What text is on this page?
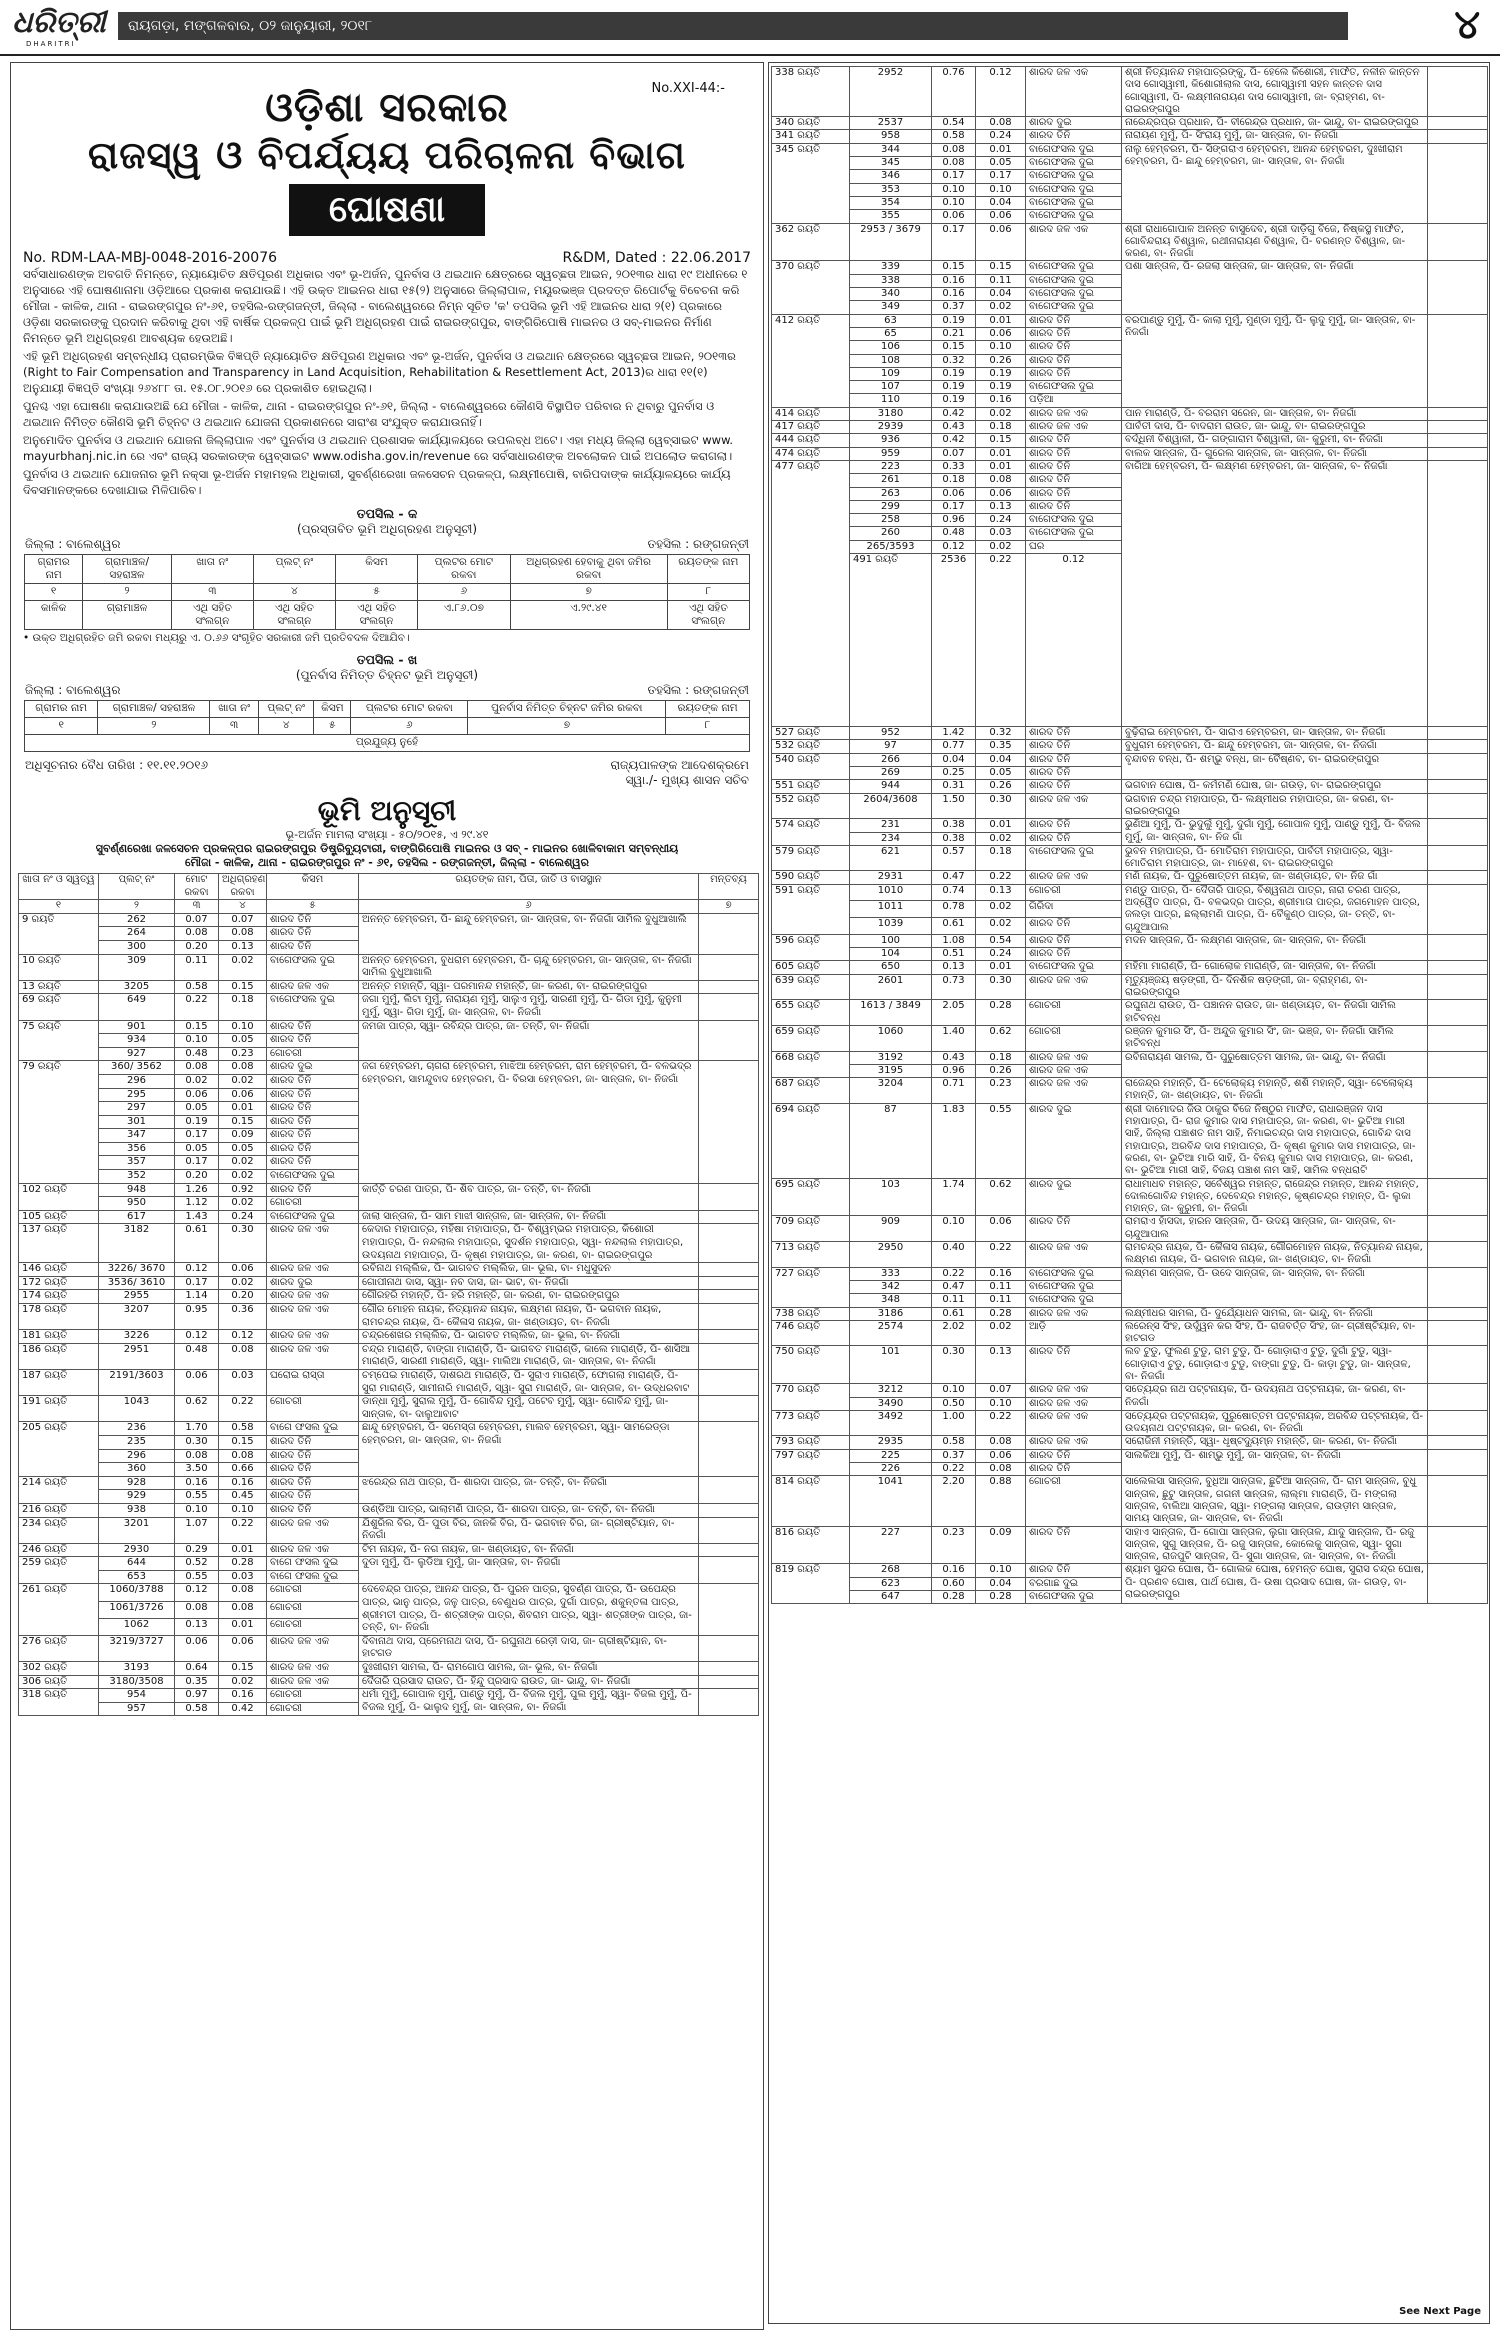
ଧରିତ୍ରୀ
DHARITRI
ରାୟଗଡ଼ା, ମଙ୍ଗଳବାର, ୦୨ ଜାନୁୟାରୀ, ୨୦୧୮	୪
No.XXI-44:-
ଓଡ଼ିଶା ସରକାର
ରାଜସ୍ୱ ଓ ବିପର୍ଯ୍ୟୟ ପରିଚାଳନା ବିଭାଗ
ଘୋଷଣା
No. RDM-LAA-MBJ-0048-2016-20076	R&DM, Dated : 22.06.2017

ସର୍ବସାଧାରଣଙ୍କ ଅବଗତି ନିମନ୍ତେ, ନ୍ୟାୟୋଚିତ କ୍ଷତିପୂରଣ ଅଧିକାର ଏବଂ ଭୂ-ଅର୍ଜନ, ପୁନର୍ବାସ ଓ ଥଇଥାନ କ୍ଷେତ୍ରରେ ସ୍ୱଚ୍ଛତା ଆଇନ, ୨୦୧୩ର ଧାରା ୧୯ ଅଧୀନରେ ୧ ଅନୁସାରେ ଏହି ଘୋଷଣାନାମା ଓଡ଼ିଆରେ ପ୍ରକାଶ କରାଯାଉଛି। ଏହି ଉକ୍ତ ଆଇନର ଧାରା ୧୫(୨) ଅନୁସାରେ ଜିଲ୍ଲାପାଳ, ମୟୂରଭଞ୍ଜ ପ୍ରଦତ୍ତ ରିପୋର୍ଟକୁ ବିବେଚନା କରି ମୌଜା - କାଳିକ, ଥାନା - ରାଇରଙ୍ଗପୁର ନଂ-୬୧, ତହସିଲ-ରଙ୍ଗଜନ୍ତୀ, ଜିଲ୍ଲା - ବାଲେଶ୍ୱରରେ ନିମ୍ନ ସୂଚିତ 'କ' ତପସିଲ ଭୂମି ଏହି ଆଇନର ଧାରା ୨(୧) ପ୍ରକାରେ ଓଡ଼ିଶା ସରକାରଙ୍କୁ ପ୍ରଦାନ କରିବାକୁ ଥିବା ଏହି ବାର୍ଷିକ ପ୍ରକଳ୍ପ ପାଇଁ ଭୂମି ଅଧିଗ୍ରହଣ ପାଇଁ ରାଇରଙ୍ଗପୁର, ବାଙ୍ଗିରିପୋଷି ମାଇନର ଓ ସବ୍-ମାଇନର ନିର୍ମାଣ ନିମନ୍ତେ ଭୂମି ଅଧିଗ୍ରହଣ ଆବଶ୍ୟକ ହେଉଅଛି।

ଏହି ଭୂମି ଅଧିଗ୍ରହଣ ସମ୍ବନ୍ଧୀୟ ପ୍ରାରମ୍ଭିକ ବିଜ୍ଞପ୍ତି ନ୍ୟାୟୋଚିତ କ୍ଷତିପୂରଣ ଅଧିକାର ଏବଂ ଭୂ-ଅର୍ଜନ, ପୁନର୍ବାସ ଓ ଥଇଥାନ କ୍ଷେତ୍ରରେ ସ୍ୱଚ୍ଛତା ଆଇନ, ୨୦୧୩ର (Right to Fair Compensation and Transparency in Land Acquisition, Rehabilitation & Resettlement Act, 2013)ର ଧାରା ୧୧(୧) ଅନୁଯାୟୀ ବିଜ୍ଞପ୍ତି ସଂଖ୍ୟା ୨୬୪୮୮ ତା. ୧୫.୦୮.୨୦୧୬ ରେ ପ୍ରକାଶିତ ହୋଇଥିଲା।

ପୁନଶ୍ଚ ଏହା ଘୋଷଣା କରାଯାଉଅଛି ଯେ ମୌଜା - କାଳିକ, ଥାନା - ରାଇରଙ୍ଗପୁର ନଂ-୬୧, ଜିଲ୍ଲା - ବାଲେଶ୍ୱରରେ କୌଣସି ବିସ୍ଥାପିତ ପରିବାର ନ ଥିବାରୁ ପୁନର୍ବାସ ଓ ଥଇଥାନ ନିମିତ୍ତ କୌଣସି ଭୂମି ଚିହ୍ନଟ ଓ ଥଇଥାନ ଯୋଜନା ପ୍ରକାଶନରେ ସାରାଂଶ ସଂଯୁକ୍ତ କରାଯାଉନାହିଁ।

ଅନୁମୋଦିତ ପୁନର୍ବାସ ଓ ଥଇଥାନ ଯୋଜନା ଜିଲ୍ଲାପାଳ ଏବଂ ପୁନର୍ବାସ ଓ ଥଇଥାନ ପ୍ରଶାସକ କାର୍ଯ୍ୟାଳୟରେ ଉପଲବ୍ଧ ଅଟେ। ଏହା ମଧ୍ୟ ଜିଲ୍ଲା ୱେବ୍‌ସାଇଟ www. mayurbhanj.nic.in ରେ ଏବଂ ରାଜ୍ୟ ସରକାରଙ୍କ ୱେବ୍‌ସାଇଟ www.odisha.gov.in/revenue ରେ ସର୍ବସାଧାରଣଙ୍କ ଅବଲୋକନ ପାଇଁ ଅପଲୋଡ କରାଗଲା।

ପୁନର୍ବାସ ଓ ଥଇଥାନ ଯୋଜନାର ଭୂମି ନକ୍ସା ଭୂ-ଅର୍ଜନ ମହାମହଲ ଅଧିକାରୀ, ସୁବର୍ଣ୍ଣରେଖା ଜଳସେଚନ ପ୍ରକଳ୍ପ, ଲକ୍ଷ୍ମୀପୋଷି, ବାରିପଦାଙ୍କ କାର୍ଯ୍ୟାଳୟରେ କାର୍ଯ୍ୟ ଦିବସମାନଙ୍କରେ ଦେଖାଯାଇ ମିଳିପାରିବ।

ତପସିଲ - କ
(ପ୍ରସ୍ତାବିତ ଭୂମି ଅଧିଗ୍ରହଣ ଅନୁସୂଚୀ)
ଜିଲ୍ଲା : ବାଲେଶ୍ୱର	ତହସିଲ : ରଙ୍ଗଜନ୍ତୀ
ଗ୍ରାମର ନାମ	ଗ୍ରାମାଞ୍ଚଳ/ ସହରାଞ୍ଚଳ	ଖାତା ନଂ	ପ୍ଲଟ୍ ନଂ	କିସମ	ପ୍ଲଟର ମୋଟ ରକବା	ଅଧିଗ୍ରହଣ ହେବାକୁ ଥିବା ଜମିର ରକବା	ରୟତଙ୍କ ନାମ
୧	୨	୩	୪	୫	୬	୭	୮
କାଳିକ	ଗ୍ରାମାଞ୍ଚଳ	ଏଥି ସହିତ ସଂଲଗ୍ନ	ଏଥି ସହିତ ସଂଲଗ୍ନ	ଏଥି ସହିତ ସଂଲଗ୍ନ	ଏ.୮୬.୦୭	ଏ.୨୯.୪୧	ଏଥି ସହିତ ସଂଲଗ୍ନ
• ଉକ୍ତ ଅଧିଗ୍ରହିତ ଜମି ରକବା ମଧ୍ୟରୁ ଏ. ୦.୬୬ ସଂଗୃହିତ ସରକାରୀ ଜମି ପ୍ରତିବଦଳ ଦିଆଯିବ।
ତପସିଲ - ଖ
(ପୁନର୍ବାସ ନିମିତ୍ତ ଚିହ୍ନଟ ଭୂମି ଅନୁସୂଚୀ)
ଜିଲ୍ଲା : ବାଲେଶ୍ୱର	ତହସିଲ : ରଙ୍ଗଜନ୍ତୀ
ଗ୍ରାମର ନାମ	ଗ୍ରାମାଞ୍ଚଳ/ ସହରାଞ୍ଚଳ	ଖାତା ନଂ	ପ୍ଲଟ୍ ନଂ	କିସମ	ପ୍ଲଟର ମୋଟ ରକବା	ପୁନର୍ବାସ ନିମିତ୍ତ ଚିହ୍ନଟ ଜମିର ରକବା	ରୟତଙ୍କ ନାମ
୧	୨	୩	୪	୫	୬	୭	୮
ପ୍ରଯୁଜ୍ୟ ନୁହେଁ							
ଅଧିସୂଚନାର ବୈଧ ତାରିଖ : ୧୧.୧୧.୨୦୧୬	ରାଜ୍ୟପାଳଙ୍କ ଆଦେଶକ୍ରମେ
ସ୍ୱା./- ମୁଖ୍ୟ ଶାସନ ସଚିବ
ଭୂମି ଅନୁସୂଚୀ
ଭୂ-ଅର୍ଜନ ମାମଲା ସଂଖ୍ୟା - ୫୦/୨୦୧୫, ଏ ୨୯.୪୧
ସୁବର୍ଣ୍ଣରେଖା ଜଳସେଚନ ପ୍ରକଳ୍ପର ରାଇରଙ୍ଗପୁର ଡିଷ୍ଟ୍ରିବ୍ୟୁଟାରୀ, ବାଙ୍ଗିରିପୋଷି ମାଇନର ଓ ସବ୍ - ମାଇନର ଖୋଳିବାକାମ ସମ୍ବନ୍ଧୀୟ
ମୌଜା - କାଳିକ, ଥାନା - ରାଇରଙ୍ଗପୁର ନଂ - ୬୧, ତହସିଲ - ରଙ୍ଗଜନ୍ତୀ, ଜିଲ୍ଲା - ବାଲେଶ୍ୱର
ଖାତା ନଂ ଓ ସ୍ୱତ୍ୱ	ପ୍ଲଟ୍ ନଂ	ମୋଟ ରକବା	ଅଧିଗ୍ରହଣ ରକବା	କିସମ	ରୟତଙ୍କ ନାମ, ପିତା, ଜାତି ଓ ବାସସ୍ଥାନ	ମନ୍ତବ୍ୟ
୧	୨	୩	୪	୫	୬	୭
9 ରୟତି	262	0.07	0.07	ଶାରଦ ତିନି	ଅନନ୍ତ ହେମ୍ବରମ, ପି- ଛାନ୍ଦୁ ହେମ୍ବରମ, ଜା- ସାନ୍ତାଳ, ବା- ନିଜଗାଁ ସାମିଲ ବୁଧୁଆଖାଲି	
	264	0.08	0.08	ଶାରଦ ତିନି		
	300	0.20	0.13	ଶାରଦ ତିନି		
10 ରୟତି	309	0.11	0.02	ବାଗେଫସଲ ଦୁଇ	ଅନନ୍ତ ହେମ୍ବରମ, ବୁଧରାମ ହେମ୍ବରମ, ପି- ଚାନ୍ଦୁ ହେମ୍ବରମ, ଜା- ସାନ୍ତାଳ, ବା- ନିଜଗାଁ ସାମିଲ ବୁଧୁଆଖାଲି	
13 ରୟତି	3205	0.58	0.15	ଶାରଦ ଜଳ ଏକ	ଅନନ୍ତ ମହାନ୍ତି, ସ୍ୱା- ପରମାନନ୍ଦ ମହାନ୍ତି, ଜା- କରଣ, ବା- ରାଇରଙ୍ଗପୁର	
69 ରୟତି	649	0.22	0.18	ବାଗେଫସଲ ଦୁଇ	ଜଗା ମୁର୍ମୁ, ଲିଟା ମୁର୍ମୁ, ନାରାୟଣ ମୁର୍ମୁ, ସାଲୁଏ ମୁର୍ମୁ, ସାରଣୀ ମୁର୍ମୁ, ପି- ଗିଡା ମୁର୍ମୁ, କୁନୁମୀ ମୁର୍ମୁ, ସ୍ୱା- ଗିଡା ମୁର୍ମୁ, ଜା- ସାନ୍ତାଳ, ବା- ନିଜଗାଁ	
75 ରୟତି	901	0.15	0.10	ଶାରଦ ତିନି	ଜମଜା ପାତ୍ର, ସ୍ୱା- ରବିନ୍ଦ୍ର ପାତ୍ର, ଜା- ତନ୍ତି, ବା- ନିଜଗାଁ	
	934	0.10	0.05	ଶାରଦ ତିନି		
	927	0.48	0.23	ଗୋଚରୀ		
79 ରୟତି	360/ 3562	0.08	0.08	ଶାରଦ ଦୁଇ	ଜଗ ହେମ୍ବରମ, ଚାଗରା ହେମ୍ବରମ, ମାଝିଆ ହେମ୍ବରମ, ରାମ ହେମ୍ବରମ, ପି- ବଳଭଦ୍ର ହେମ୍ବରମ, ସାମନ୍ଦୁବାଦ ହେମ୍ବରମ, ପି- ବିରସା ହେମ୍ବରମ, ଜା- ସାନ୍ତାଳ, ବା- ନିଜଗାଁ	
	296	0.02	0.02	ଶାରଦ ତିନି		
	295	0.06	0.06	ଶାରଦ ତିନି		
	297	0.05	0.01	ଶାରଦ ତିନି		
	301	0.19	0.15	ଶାରଦ ତିନି		
	347	0.17	0.09	ଶାରଦ ତିନି		
	356	0.05	0.05	ଶାରଦ ତିନି		
	357	0.17	0.02	ଶାରଦ ତିନି		
	352	0.20	0.02	ବାଗେଫସଲ ଦୁଇ		
102 ରୟତି	948	1.26	0.92	ଶାରଦ ତିନି	କାର୍ତ୍ତି ଚରଣ ପାତ୍ର, ପି- ଶିବ ପାତ୍ର, ଜା- ତନ୍ତି, ବା- ନିଜଗାଁ	
	950	1.12	0.02	ଗୋଚରୀ		
105 ରୟତି	617	1.43	0.24	ବାଗେଫସଲ ଦୁଇ	ଜାଲା ସାନ୍ତାଳ, ପି- ସାମ ମାଝୀ ସାନ୍ତାଳ, ଜା- ସାନ୍ତାଳ, ବା- ନିଜଗାଁ	
137 ରୟତି	3182	0.61	0.30	ଶାରଦ ଜଳ ଏକ	କେଦାର ମହାପାତ୍ର, ମହିଷା ମହାପାତ୍ର, ପି- ବିଶ୍ୱମ୍ଭର ମହାପାତ୍ର, କିଶୋରୀ ମହାପାତ୍ର, ପି- ନନ୍ଦଲାଲ ମହାପାତ୍ର, ସୁଦର୍ଶନ ମହାପାତ୍ର, ସ୍ୱା- ନନ୍ଦଲାଲ ମହାପାତ୍ର, ଉଦୟନାଥ ମହାପାତ୍ର, ପି- କୃଷ୍ଣ ମହାପାତ୍ର, ଜା- କରଣ, ବା- ରାଇରଙ୍ଗପୁର	
146 ରୟତି	3226/ 3670	0.12	0.06	ଶାରଦ ଜଳ ଏକ	ରବିନାଥ ମଲ୍ଲିକ, ପି- ଭାଗବତ ମଲ୍ଲିକ, ଜା- ଭୂଲ, ବା- ମଧୁସୁଦନ	
172 ରୟତି	3536/ 3610	0.17	0.02	ଶାରଦ ଦୁଇ	ଗୋପୀନାଥ ଦାସ, ସ୍ୱା- ନବ ଦାସ, ଜା- ଭାଟ, ବା- ନିଜଗାଁ	
174 ରୟତି	2955	1.14	0.20	ଶାରଦ ଜଳ ଏକ	ଗୌରହରି ମହାନ୍ତି, ପି- ହରି ମହାନ୍ତି, ଜା- କରଣ, ବା- ରାଇରଙ୍ଗପୁର	
178 ରୟତି	3207	0.95	0.36	ଶାରଦ ଜଳ ଏକ	ଗୌର ମୋହନ ନାୟକ, ନିତ୍ୟାନନ୍ଦ ନାୟକ, ଲକ୍ଷ୍ମଣ ନାୟକ, ପି- ଭଗବାନ ନାୟକ, ରାମଚନ୍ଦ୍ର ନାୟକ, ପି- କୈଳାସ ନାୟକ, ଜା- ଖଣ୍ଡାୟତ, ବା- ନିଜଗାଁ	
181 ରୟତି	3226	0.12	0.12	ଶାରଦ ଜଳ ଏକ	ଚନ୍ଦ୍ରଶେଖର ମଲ୍ଲିକ, ପି- ଭାଗବତ ମଲ୍ଲିକ, ଜା- ଭୂଲ, ବା- ନିଜଗାଁ	
186 ରୟତି	2951	0.48	0.08	ଶାରଦ ଜଳ ଏକ	ଚନ୍ଦ୍ର ମାରାଣ୍ଡି, ବାଙ୍ଗା ମାରାଣ୍ଡି, ପି- ଭାଗବତ ମାରାଣ୍ଡି, କାଲେ ମାରାଣ୍ଡି, ପି- ଶାସିଆ ମାରାଣ୍ଡି, ସାରଣୀ ମାରାଣ୍ଡି, ସ୍ୱା- ମାଲିଆ ମାରାଣ୍ଡି, ଜା- ସାନ୍ତାଳ, ବା- ନିଜଗାଁ	
187 ରୟତି	2191/3603	0.06	0.03	ଘରୋଇ ରାସ୍ତା	ଚମ୍ପେଇ ମାରାଣ୍ଡି, ଦାଶରଥ ମାରାଣ୍ଡି, ପି- ସୁରାଏ ମାରାଣ୍ଡି, ଫୋଗଲା ମାରାଣ୍ଡି, ପି- ସୁରା ମାରାଣ୍ଡି, ସାମୀନାରି ମାରାଣ୍ଡି, ସ୍ୱା- ସୁରା ମାରାଣ୍ଡି, ଜା- ସାନ୍ତାଳ, ବା- ଉଦ୍ଧରବାଟ	
191 ରୟତି	1043	0.62	0.22	ଗୋଚରୀ	ଡାନ୍ଧା ମୁର୍ମୁ, ସୁରାଲ ମୁର୍ମୁ, ପି- ଗୋବିନ୍ଦ ମୁର୍ମୁ, ପଟେବ ମୁର୍ମୁ, ସ୍ୱା- ଗୋବିନ୍ଦ ମୁର୍ମୁ, ଜା- ସାନ୍ତାଳ, ବା- ଦାଲୁଆବାଟ	
205 ରୟତି	236	1.70	0.58	ବାଗେ ଫସଲ ଦୁଇ	ଛାନ୍ଦୁ ହେମ୍ବରମ, ପି- ସମେସ୍ତା ହେମ୍ବରମ, ମାଲବ ହେମ୍ବରମ, ସ୍ୱା- ସାମରେଡ୍ଡା ହେମ୍ବରମ, ଜା- ସାନ୍ତାଳ, ବା- ନିଜଗାଁ	
	235	0.30	0.15	ଶାରଦ ତିନି		
	296	0.08	0.08	ଶାରଦ ତିନି		
	360	3.50	0.66	ଶାରଦ ତିନି		
214 ରୟତି	928	0.16	0.16	ଶାରଦ ତିନି	ଝରେନ୍ଦ୍ର ନାଥ ପାତ୍ର, ପି- ଶାରଦା ପାତ୍ର, ଜା- ତନ୍ତି, ବା- ନିଜଗାଁ	
	929	0.55	0.45	ଶାରଦ ତିନି		
216 ରୟତି	938	0.10	0.10	ଶାରଦ ତିନି	ଉଣ୍ଡିଆ ପାତ୍ର, ଭାଲାମଣି ପାତ୍ର, ପି- ଶାରଦା ପାତ୍ର, ଜା- ତନ୍ତି, ବା- ନିଜଗାଁ	
234 ରୟତି	3201	1.07	0.22	ଶାରଦ ଜଳ ଏକ	ଯିଶୁରିଲ ବିର, ପି- ପୁଡା ବିର, ଜାନକି ବିର, ପି- ଭଗବାନ ବିର, ଜା- ଗ୍ରୀଷ୍ଟିୟାନ, ବା- ନିଜଗାଁ	
246 ରୟତି	2930	0.29	0.01	ଶାରଦ ଜଳ ଏକ	ଟିମ ନାୟକ, ପି- ନଗ ନାୟକ, ଜା- ଖଣ୍ଡାୟତ, ବା- ନିଜଗାଁ	
259 ରୟତି	644	0.52	0.28	ବାଗେ ଫସଲ ଦୁଇ	ଦୁଡା ମୁର୍ମୁ, ପି- ଲୁଡିଆ ମୁର୍ମୁ, ଜା- ସାନ୍ତାଳ, ବା- ନିଜଗାଁ	
	653	0.55	0.03	ବାଗେ ଫସଲ ଦୁଇ		
261 ରୟତି	1060/3788	0.12	0.08	ଗୋଚରୀ	ଦେବେନ୍ଦ୍ର ପାତ୍ର, ଆନନ୍ଦ ପାତ୍ର, ପି- ପୁରନ ପାତ୍ର, ସୁବର୍ଣ୍ଣ ପାତ୍ର, ପି- ଉପେନ୍ଦ୍ର ପାତ୍ର, ଭାନୁ ପାତ୍ର, ଜଳୁ ପାତ୍ର, ବେଣୁଧର ପାତ୍ର, ଦୁର୍ଗା ପାତ୍ର, ଶକୁନ୍ତଳା ପାତ୍ର, ଶ୍ରୀମତୀ ପାତ୍ର, ପି- ଶତ୍ରୀଙ୍କ ପାତ୍ର, ଶିବରାମ ପାତ୍ର, ସ୍ୱା- ଶତ୍ରୀଙ୍କ ପାତ୍ର, ଜା- ତନ୍ତି, ବା- ନିଜଗାଁ	
	1061/3726	0.08	0.08	ଗୋଚରୀ		
	1062	0.13	0.01	ଗୋଚରୀ		
276 ରୟତି	3219/3727	0.06	0.06	ଶାରଦ ଜଳ ଏକ	ଦିବାନାଥ ଦାସ, ପ୍ରେମନାଥ ଦାସ, ପି- ରଘୁନାଥ ରେଡ଼ୀ ଦାସ, ଜା- ଗ୍ରୀଷ୍ଟିୟାନ, ବା- ହାଟଗଡ	
302 ରୟତି	3193	0.64	0.15	ଶାରଦ ଜଳ ଏକ	ଦୁଃଖୀରାମ ସାମଲ, ପି- ରାମଗୋପ ସାମଲ, ଜା- ଭୂଲ, ବା- ନିଜଗାଁ	
306 ରୟତି	3180/3508	0.35	0.02	ଶାରଦ ଜଳ ଏକ	ଦୈତାରି ପ୍ରସାଦ ରାଉତ, ପି- ହିନ୍ଦୁ ପ୍ରସାଦ ରାଉତ, ଜା- ଭାନ୍ଦୁ, ବା- ନିଜଗାଁ	
318 ରୟତି	954	0.97	0.16	ଗୋଚରୀ	ଧର୍ମା ମୁର୍ମୁ, ଗୋପାଳ ମୁର୍ମୁ, ପାଣ୍ଡୁ ମୁର୍ମୁ, ପି- ବିଜଲ ମୁର୍ମୁ, ପୁଲ ମୁର୍ମୁ, ସ୍ୱା- ବିଜଲ ମୁର୍ମୁ, ପି- ବିଜଲ ମୁର୍ମୁ, ପି- ଭାଲୁଦ ମୁର୍ମୁ, ଜା- ସାନ୍ତାଳ, ବା- ନିଜଗାଁ	
	957	0.58	0.42	ଗୋଚରୀ		
338 ରୟତି	2952	0.76	0.12	ଶାରଦ ଜଳ ଏକ	ଶ୍ରୀ ନିତ୍ୟାନନ୍ଦ ମହାପାତ୍ରଙ୍କୁ, ପି- ହେଲେ କିଶୋରୀ, ମାର୍ଫତ, ନଳୀନ କାନ୍ତନ ଦାସ ଗୋସ୍ୱାମୀ, କିଶୋରୀଲାଲ ଦାସ, ଗୋସ୍ୱାମୀ ସହନ କାନ୍ତନ ଦାସ ଗୋସ୍ୱାମୀ, ପି- ଲକ୍ଷ୍ମୀନାରାୟଣ ଦାସ ଗୋସ୍ୱାମୀ, ଜା- ବ୍ରାହ୍ମଣ, ବା- ରାଇରଙ୍ଗପୁର		
340 ରୟତି	2537	0.54	0.08	ଶାରଦ ଦୁଇ	ନାରେନ୍ଦ୍ରପ୍ର ପ୍ରଧାନ, ପି- ବୀରେନ୍ଦ୍ର ପ୍ରଧାନ, ଜା- ଭାନ୍ଦୁ, ବା- ରାଇରଙ୍ଗପୁର		
341 ରୟତି	958	0.58	0.24	ଶାରଦ ତିନି	ନାରାୟଣ ମୁର୍ମୁ, ପି- ସିଂରାୟ ମୁର୍ମୁ, ଜା- ସାନ୍ତାଳ, ବା- ନିଜଗାଁ		
345 ରୟତି	344	0.08	0.01	ବାଗେଫସଲ ଦୁଇ	ନାଲୁ ହେମ୍ବରମ, ପି- ସିଙ୍ଗରାଏ ହେମ୍ବରମ, ଆନନ୍ଦ ହେମ୍ବରମ, ଦୁଃଖୀରାମ ହେମ୍ବରମ, ପି- ଛାନ୍ଦୁ ହେମ୍ବରମ, ଜା- ସାନ୍ତାଳ, ବା- ନିଜଗାଁ		
	345	0.08	0.05	ବାଗେଫସଲ ଦୁଇ			
	346	0.17	0.17	ବାଗେଫସଲ ଦୁଇ			
	353	0.10	0.10	ବାଗେଫସଲ ଦୁଇ			
	354	0.10	0.04	ବାଗେଫସଲ ଦୁଇ			
	355	0.06	0.06	ବାଗେଫସଲ ଦୁଇ			
362 ରୟତି	2953 / 3679	0.17	0.06	ଶାରଦ ଜଳ ଏକ	ଶ୍ରୀ ରାଧାଗୋପାଳ ଅନନ୍ତ ବାସୁଦେବ, ଶ୍ରୀ ଦାଡ଼ିଗୁ ବିଜେ, ନିଷ୍କସ୍ଥ ମାର୍ଫତ, ଗୋବିନ୍ଦରାୟ ବିଶ୍ୱାଳ, ରଥୀନାରାୟଣ ବିଶ୍ୱାଳ, ପି- ବରଣନ୍ତ ବିଶ୍ୱାଳ, ଜା- କରଣ, ବା- ନିଜଗାଁ		
370 ରୟତି	339	0.15	0.15	ବାଗେଫସଲ ଦୁଇ	ପଶା ସାନ୍ତାଳ, ପି- ରଜଲା ସାନ୍ତାଳ, ଜା- ସାନ୍ତାଳ, ବା- ନିଜଗାଁ		
	338	0.16	0.11	ବାଗେଫସଲ ଦୁଇ			
	340	0.16	0.04	ବାଗେଫସଲ ଦୁଇ			
	349	0.37	0.02	ବାଗେଫସଲ ଦୁଇ			
412 ରୟତି	63	0.19	0.01	ଶାରଦ ତିନି	ବରପାଣ୍ଡୁ ମୁର୍ମୁ, ପି- କାଲା ମୁର୍ମୁ, ମୁଣ୍ଡା ମୁର୍ମୁ, ପି- ଲୁଦୁ ମୁର୍ମୁ, ଜା- ସାନ୍ତାଳ, ବା- ନିଜଗାଁ		
	65	0.21	0.06	ଶାରଦ ତିନି			
	106	0.15	0.10	ଶାରଦ ତିନି			
	108	0.32	0.26	ଶାରଦ ତିନି			
	109	0.19	0.19	ଶାରଦ ତିନି			
	107	0.19	0.19	ବାଗେଫସଲ ଦୁଇ			
	110	0.19	0.16	ପଡ଼ିଆ			
414 ରୟତି	3180	0.42	0.02	ଶାରଦ ଜଳ ଏକ	ପାନ ମାରାଣ୍ଡି, ପି- ବରରାମ ସରେନ, ଜା- ସାନ୍ତାଳ, ବା- ନିଜଗାଁ		
417 ରୟତି	2939	0.43	0.18	ଶାରଦ ଜଳ ଏକ	ପାର୍ବତୀ ଦାସ, ପି- ବାଦରାମ ରାଉତ, ଜା- ଭାନ୍ଦୁ, ବା- ରାଇରଙ୍ଗପୁର		
444 ରୟତି	936	0.42	0.15	ଶାରଦ ତିନି	ବର୍ଦ୍ଧିନୀ ବିଶ୍ୱାଳୀ, ପି- ଗଙ୍ଗାରାମ ବିଶ୍ୱାଳୀ, ଜା- କୁରୁମୀ, ବା- ନିଜଗାଁ		
474 ରୟତି	959	0.07	0.01	ଶାରଦ ତିନି	ବାଲକ ସାନ୍ତାଳ, ପି- ଗୁରେଲ ସାନ୍ତାଳ, ଜା- ସାନ୍ତାଳ, ବା- ନିଜଗାଁ		
477 ରୟତି	223	0.33	0.01	ଶାରଦ ତିନି	ବାଗିଆ ହେମ୍ବରମ, ପି- ଲକ୍ଷ୍ମଣ ହେମ୍ବରମ, ଜା- ସାନ୍ତାଳ, ବ- ନିଜଗାଁ		
	261	0.18	0.08	ଶାରଦ ତିନି			
	263	0.06	0.06	ଶାରଦ ତିନି			
	299	0.17	0.13	ଶାରଦ ତିନି			
	258	0.96	0.24	ବାଗେଫସଲ ଦୁଇ			
	260	0.48	0.03	ବାଗେଫସଲ ଦୁଇ			
	265/3593	0.12	0.02	ଘର			
	491 ରୟତି	2536	0.22	0.12			
527 ରୟତି	952	1.42	0.32	ଶାରଦ ତିନି	ବୁଢ଼ିରାଇ ହେମ୍ବରମ, ପି- ସାରାଏ ହେମ୍ବରମ, ଜା- ସାନ୍ତାଳ, ବା- ନିଜଗାଁ		
532 ରୟତି	97	0.77	0.35	ଶାରଦ ତିନି	ବୁଧୁରାମ ହେମ୍ବରମ, ପି- ଛାନ୍ଦୁ ହେମ୍ବରମ, ଜା- ସାନ୍ତାଳ, ବା- ନିଜଗାଁ		
540 ରୟତି	266	0.04	0.04	ଶାରଦ ତିନି	ବୃନ୍ଦାବନ ବନ୍ଧ, ପି- ଶମ୍ଭୁ ବନ୍ଧ, ଜା- ବୈଷ୍ଣବ, ବା- ରାଇରଙ୍ଗପୁର		
	269	0.25	0.05	ଶାରଦ ତିନି			
551 ରୟତି	944	0.31	0.26	ଶାରଦ ତିନି	ଭଗବାନ ଘୋଷ, ପି- କର୍ମମଣି ଘୋଷ, ଜା- ଗଉଡ଼, ବା- ରାଇରଙ୍ଗପୁର		
552 ରୟତି	2604/3608	1.50	0.30	ଶାରଦ ଜଳ ଏକ	ଭଗବାନ ଚନ୍ଦ୍ର ମହାପାତ୍ର, ପି- ଲକ୍ଷ୍ମୀଧର ମହାପାତ୍ର, ଜା- କରଣ, ବା- ରାଇରଙ୍ଗପୁର		
574 ରୟତି	231	0.38	0.01	ଶାରଦ ତିନି	ଭୁଣିଆ ମୁର୍ମୁ, ପି- ଭୁଦୁର୍ଲୁ ମୁର୍ମୁ, ଦୁର୍ଗା ମୁର୍ମୁ, ଗୋପାଳ ମୁର୍ମୁ, ପାଣ୍ଡୁ ମୁର୍ମୁ, ପି- ବିଜଲ ମୁର୍ମୁ, ଜା- ସାନ୍ତାଳ, ବା- ନିଜ ଗାଁ		
	234	0.38	0.02	ଶାରଦ ତିନି			
579 ରୟତି	621	0.57	0.18	ବାଗେଫସଲ ଦୁଇ	ଭୁବନ ମହାପାତ୍ର, ପି- ମୋତିରାମ ମହାପାତ୍ର, ପାର୍ବତୀ ମହାପାତ୍ର, ସ୍ୱା- ମୋତିରାମ ମହାପାତ୍ର, ଜା- ମାହେଶ, ବା- ରାଇରଙ୍ଗପୁର		
590 ରୟତି	2931	0.47	0.22	ଶାରଦ ଜଳ ଏକ	ମଣି ନାୟକ, ପି- ପୁରୁଷୋତ୍ତମ ନାୟକ, ଜା- ଖଣ୍ଡାୟତ, ବା- ନିଜ ଗାଁ		
591 ରୟତି	1010	0.74	0.13	ଗୋଚରୀ	ମଣ୍ଡୁ ପାତ୍ର, ପି- ଦୈତାରି ପାତ୍ର, ବିଶ୍ୱନାଥ ପାତ୍ର, ନାରା ଚରଣ ପାତ୍ର, ଅଦ୍ୱୈତ ପାତ୍ର, ପି- ବଳଭଦ୍ର ପାତ୍ର, ଶ୍ରୀମାତା ପାତ୍ର, ଜଗମୋହନ ପାତ୍ର, ଜଲଡ଼ା ପାତ୍ର, ଛଲ୍ଲାମଣି ପାତ୍ର, ପି- ବୈକୁଣ୍ଠ ପାତ୍ର, ଜା- ତନ୍ତି, ବା- ଚାନ୍ଦୁଆପାଲ		
	1011	0.78	0.02	ଗିରିଦା			
	1039	0.61	0.02	ଶାରଦ ତିନି			
596 ରୟତି	100	1.08	0.54	ଶାରଦ ତିନି	ମଦନ ସାନ୍ତାଳ, ପି- ଲକ୍ଷ୍ମଣ ସାନ୍ତାଳ, ଜା- ସାନ୍ତାଳ, ବା- ନିଜଗାଁ		
	104	0.51	0.24	ଶାରଦ ତିନି			
605 ରୟତି	650	0.13	0.01	ବାଗେଫସଲ ଦୁଇ	ମହିମା ମାରାଣ୍ଡି, ପି- ଗୋଲୋକ ମାରାଣ୍ଡି, ଜା- ସାନ୍ତାଳ, ବା- ନିଜଗାଁ		
639 ରୟତି	2601	0.73	0.30	ଶାରଦ ଜଳ ଏକ	ମୃତ୍ୟୁଞ୍ଜୟ ଷଡ଼ଙ୍ଗୀ, ପି- ଦିନଶିଳ ଷଡ଼ଙ୍ଗୀ, ଜା- ବ୍ରାହ୍ମଣ, ବା- ରାଇରଙ୍ଗପୁର		
655 ରୟତି	1613 / 3849	2.05	0.28	ଗୋଚରୀ	ରଘୁନାଥ ରାଉତ, ପି- ପଞ୍ଚାନନ ରାଉତ, ଜା- ଖଣ୍ଡାୟତ, ବା- ନିଜଗାଁ ସାମିଲ ହାଟିବନ୍ଧ		
659 ରୟତି	1060	1.40	0.62	ଗୋଚରୀ	ରଞ୍ଜନ କୁମାର ସିଂ, ପି- ଅନ୍ଦୁଜ କୁମାର ସିଂ, ଜା- ଭଞ୍ଜ, ବା- ନିଜଗାଁ ସାମିଲ ହାଟିବନ୍ଧ		
668 ରୟତି	3192	0.43	0.18	ଶାରଦ ଜଳ ଏକ	ରବିନାରାୟଣ ସାମଲ, ପି- ପୁରୁଷୋତ୍ତମ ସାମଲ, ଜା- ଭାନ୍ଦୁ, ବା- ନିଜଗାଁ		
	3195	0.96	0.26	ଶାରଦ ଜଳ ଏକ			
687 ରୟତି	3204	0.71	0.23	ଶାରଦ ଜଳ ଏକ	ରାଜେନ୍ଦ୍ର ମହାନ୍ତି, ପି- ଟେଲୋକ୍ୟ ମହାନ୍ତି, ଶଶି ମହାନ୍ତି, ସ୍ୱା- ଟେଲୋକ୍ୟ ମହାନ୍ତି, ଜା- ଖଣ୍ଡାୟତ, ବା- ନିଜଗାଁ		
694 ରୟତି	87	1.83	0.55	ଶାରଦ ଦୁଇ	ଶ୍ରୀ ଦାମୋଦର ଜିଉ ଠାକୁର ବିଜେ ନିଷ୍ଠୁର ମାର୍ଫତ, ରାଧାରଞ୍ଜନ ଦାସ ମହାପାତ୍ର, ପି- ରାଜ କୁମାର ଦାସ ମହାପାତ୍ର, ଜା- କରଣ, ବା- ଭୁଟିଆ ମାରୀ ସାହି, ଜିଲ୍ଲା ପଞ୍ଚାଶତ ନାମ ସାହି, ନିମାଇଚନ୍ଦ୍ର ଦାସ ମହାପାତ୍ର, ଗୋବିନ୍ଦ ଦାସ ମହାପାତ୍ର, ଅରବିନ୍ଦ ଦାସ ମହାପାତ୍ର, ପି- କୃଷ୍ଣ କୁମାର ଦାସ ମହାପାତ୍ର, ଜା- କରଣ, ବା- ଭୁଟିଆ ମାରି ସାହି, ପି- ବିନୟ କୁମାର ଦାସ ମହାପାତ୍ର, ଜା- କରଣ, ବା- ଭୁଟିଆ ମାରୀ ସାହି, ବିଜୟ ପଞ୍ଚାଶ ନାମ ସାହି, ସାମିଲ ବନ୍ଧରାଟି		
695 ରୟତି	103	1.74	0.62	ଶାରଦ ଦୁଇ	ରାଧାମାଧବ ମହାନ୍ତ, ସର୍ବେଶ୍ୱର ମହାନ୍ତ, ରାଜେନ୍ଦ୍ର ମହାନ୍ତ, ଆନନ୍ଦ ମହାନ୍ତ, ଦୋଲଗୋବିନ୍ଦ ମହାନ୍ତ, ଦେବେନ୍ଦ୍ର ମହାନ୍ତ, କୃଷ୍ଣଚନ୍ଦ୍ର ମହାନ୍ତ, ପି- ଲୁକା ମହାନ୍ତ, ଜା- କୁରୁମୀ, ବା- ନିଜଗାଁ		
709 ରୟତି	909	0.10	0.06	ଶାରଦ ତିନି	ରାମରାଏ ହାଁସଦା, ହାରନ ସାନ୍ତାଳ, ପି- ଉଦୟ ସାନ୍ତାଳ, ଜା- ସାନ୍ତାଳ, ବା- ଚାନ୍ଦୁଆପାଲ		
713 ରୟତି	2950	0.40	0.22	ଶାରଦ ଜଳ ଏକ	ରାମଚନ୍ଦ୍ର ନାୟକ, ପି- କୈଳାସ ନାୟକ, ଗୌରମୋହନ ନାୟକ, ନିତ୍ୟାନନ୍ଦ ନାୟକ, ଲକ୍ଷ୍ମଣ ନାୟକ, ପି- ଭଗବାନ ନାୟକ, ଜା- ଖଣ୍ଡାୟତ, ବା- ନିଜଗାଁ		
727 ରୟତି	333	0.22	0.16	ବାଗେଫସଲ ଦୁଇ	ଲକ୍ଷ୍ମଣ ସାନ୍ତାଳ, ପି- ଉଦେ ସାନ୍ତାଳ, ଜା- ସାନ୍ତାଳ, ବା- ନିଜଗାଁ		
	342	0.47	0.11	ବାଗେଫସଲ ଦୁଇ			
	348	0.11	0.11	ବାଗେଫସଲ ଦୁଇ			
738 ରୟତି	3186	0.61	0.28	ଶାରଦ ଜଳ ଏକ	ଲକ୍ଷ୍ମୀଧର ସାମଲ, ପି- ଦୁର୍ଯ୍ୟୋଧନ ସାମଲ, ଜା- ଭାନ୍ଦୁ, ବା- ନିଜଗାଁ		
746 ରୟତି	2574	2.02	0.02	ଆଡ଼ି	ଲରେନ୍ସ ସିଂହ, ଉର୍ଦ୍ଧ୍ୱନ କର ସିଂହ, ପି- ରାଜବର୍ତ୍ତ ସିଂହ, ଜା- ଗ୍ରୀଷ୍ଟିୟାନ, ବା- ହାଟଗଡ		
750 ରୟତି	101	0.30	0.13	ଶାରଦ ତିନି	ଲବ ଟୁଡୁ, ଫୁଲଣ ଟୁଡୁ, ରାମ ଟୁଡୁ, ପି- ଗୋଡ଼ାରାଏ ଟୁଡୁ, ଦୁର୍ଗା ଟୁଡୁ, ସ୍ୱା- ଗୋଡ଼ାରାଏ ଟୁଡୁ, ଗୋଡ଼ାରାଏ ଟୁଡୁ, ବାଙ୍ଗା ଟୁଡୁ, ପି- କାଡ଼ା ଟୁଡୁ, ଜା- ସାନ୍ତାଳ, ବା- ନିଜଗାଁ		
770 ରୟତି	3212	0.10	0.07	ଶାରଦ ଜଳ ଏକ	ସତ୍ୟେନ୍ଦ୍ର ନାଥ ପଟ୍ଟନାୟକ, ପି- ଉଦୟନାଥ ପଟ୍ଟନାୟକ, ଜା- କରଣ, ବା- ନିଜଗାଁ		
	3490	0.50	0.10	ଶାରଦ ଜଳ ଏକ			
773 ରୟତି	3492	1.00	0.22	ଶାରଦ ଜଳ ଏକ	ସତ୍ୟେନ୍ଦ୍ର ପଟ୍ଟନାୟକ, ପୁରୁଷୋତ୍ତମ ପଟ୍ଟନାୟକ, ଅରବିନ୍ଦ ପଟ୍ଟନାୟକ, ପି- ଉଦୟନାଥ ପଟ୍ଟନାୟକ, ଜା- କରଣ, ବା- ନିଜଗାଁ		
793 ରୟତି	2935	0.58	0.08	ଶାରଦ ଜଳ ଏକ	ସରୋଜିନୀ ମହାନ୍ତି, ସ୍ୱା- ଧୃଷ୍ଟଦ୍ୟୁମ୍ନ ମହାନ୍ତି, ଜା- କରଣ, ବା- ନିଜଗାଁ		
797 ରୟତି	225	0.37	0.06	ଶାରଦ ତିନି	ସାଲକିଆ ମୁର୍ମୁ, ପି- ଶାମ୍ଭୁ ମୁର୍ମୁ, ଜା- ସାନ୍ତାଳ, ବା- ନିଜଗାଁ		
	226	0.22	0.08	ଶାରଦ ତିନି			
814 ରୟତି	1041	2.20	0.88	ଗୋଚରୀ	ସାଲେଲସା ସାନ୍ତାଳ, ବୁଧିଆ ସାନ୍ତାଳ, ଛୁଟିଆ ସାନ୍ତାଳ, ପି- ରାମ ସାନ୍ତାଳ, ବୁଧୁ ସାନ୍ତାଳ, ଛୁଟୁ ସାନ୍ତାଳ, ଗଗନୀ ସାନ୍ତାଳ, ଲାଲ୍ମା ମାରାଣ୍ଡି, ପି- ମଙ୍ଗଲା ସାନ୍ତାଳ, ବାଲିଆ ସାନ୍ତାଳ, ସ୍ୱା- ମଙ୍ଗଲା ସାନ୍ତାଳ, ରାଉଡ଼ୀମ ସାନ୍ତାଳ, ସାମୟ ସାନ୍ତାଳ, ଜା- ସାନ୍ତାଳ, ବା- ନିଜଗାଁ		
816 ରୟତି	227	0.23	0.09	ଶାରଦ ତିନି	ସାହାଏ ସାନ୍ତାଳ, ପି- ଗୋପା ସାନ୍ତାଳ, ଲୁଗା ସାନ୍ତାଳ, ଯାଦୁ ସାନ୍ତାଳ, ପି- ରଜୁ ସାନ୍ତାଳ, ସୁଗୁ ସାନ୍ତାଳ, ପି- ରଜୁ ସାନ୍ତାଳ, କୋଲେକୁ ସାନ୍ତାଳ, ସ୍ୱା- ସୁଗା ସାନ୍ତାଳ, ରାଜପୁଟି ସାନ୍ତାଳ, ପି- ସୁଗା ସାନ୍ତାଳ, ଜା- ସାନ୍ତାଳ, ବା- ନିଜଗାଁ		
819 ରୟତି	268	0.16	0.10	ଶାରଦ ତିନି	ଶ୍ୟାମ ସୁନ୍ଦର ଘୋଷ, ପି- ଗୋଲକ ଘୋଷ, ହେମନ୍ତ ଘୋଷ, ସୁରାସ ଚନ୍ଦ୍ର ଘୋଷ, ପି- ପ୍ରଣବ ଘୋଷ, ପାର୍ଥ ଘୋଷ, ପି- ଉଷା ପ୍ରସାଦ ଘୋଷ, ଜା- ଗଉଡ଼, ବା- ରାଇରଙ୍ଗପୁର		
	623	0.60	0.04	ବରଗାଛ ଦୁଇ			
	647	0.28	0.28	ବାଗେଫସଲ ଦୁଇ			
See Next Page
